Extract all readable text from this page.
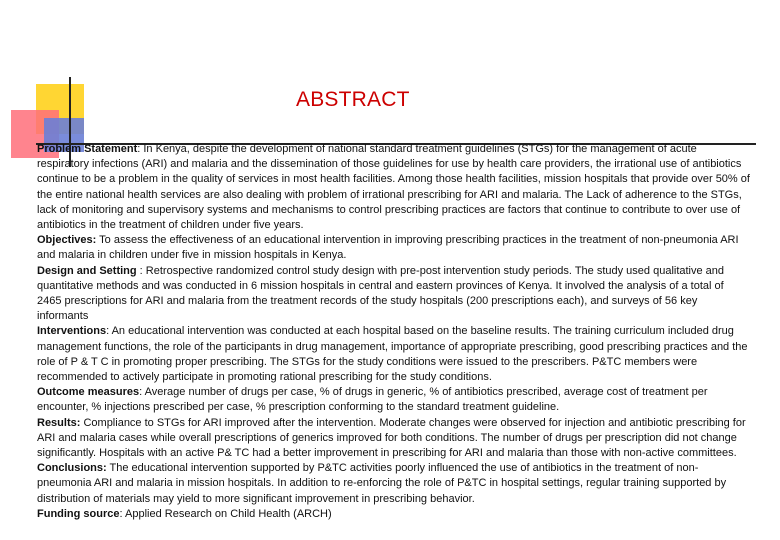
ABSTRACT

Problem Statement: In Kenya, despite the development of national standard treatment guidelines (STGs) for the management of acute respiratory infections (ARI) and malaria and the dissemination of those guidelines for use by health care providers, the irrational use of antibiotics continue to be a problem in the quality of services in most health facilities. Among those health facilities, mission hospitals that provide over 50% of the entire national health services are also dealing with problem of irrational prescribing for ARI and malaria. The Lack of adherence to the STGs, lack of monitoring and supervisory systems and mechanisms to control prescribing practices are factors that continue to contribute to over use of antibiotics in the treatment of children under five years.

Objectives: To assess the effectiveness of an educational intervention in improving prescribing practices in the treatment of non-pneumonia ARI and malaria in children under five in mission hospitals in Kenya.

Design and Setting : Retrospective randomized control study design with pre-post intervention study periods. The study used qualitative and quantitative methods and was conducted in 6 mission hospitals in central and eastern provinces of Kenya. It involved the analysis of a total of 2465 prescriptions for ARI and malaria from the treatment records of the study hospitals (200 prescriptions each), and surveys of 56 key informants

Interventions: An educational intervention was conducted at each hospital based on the baseline results. The training curriculum included drug management functions, the role of the participants in drug management, importance of appropriate prescribing, good prescribing practices and the role of P & T C in promoting proper prescribing. The STGs for the study conditions were issued to the prescribers. P&TC members were recommended to actively participate in promoting rational prescribing for the study conditions.

Outcome measures: Average number of drugs per case, % of drugs in generic, % of antibiotics prescribed, average cost of treatment per encounter, % injections prescribed per case, % prescription conforming to the standard treatment guideline.

Results: Compliance to STGs for ARI improved after the intervention. Moderate changes were observed for injection and antibiotic prescribing for ARI and malaria cases while overall prescriptions of generics improved for both conditions. The number of drugs per prescription did not change significantly. Hospitals with an active P& TC had a better improvement in prescribing for ARI and malaria than those with non-active committees.

Conclusions: The educational intervention supported by P&TC activities poorly influenced the use of antibiotics in the treatment of non-pneumonia ARI and malaria in mission hospitals. In addition to re-enforcing the role of P&TC in hospital settings, regular training supported by distribution of materials may yield to more significant improvement in prescribing behavior.

Funding source: Applied Research on Child Health (ARCH)
